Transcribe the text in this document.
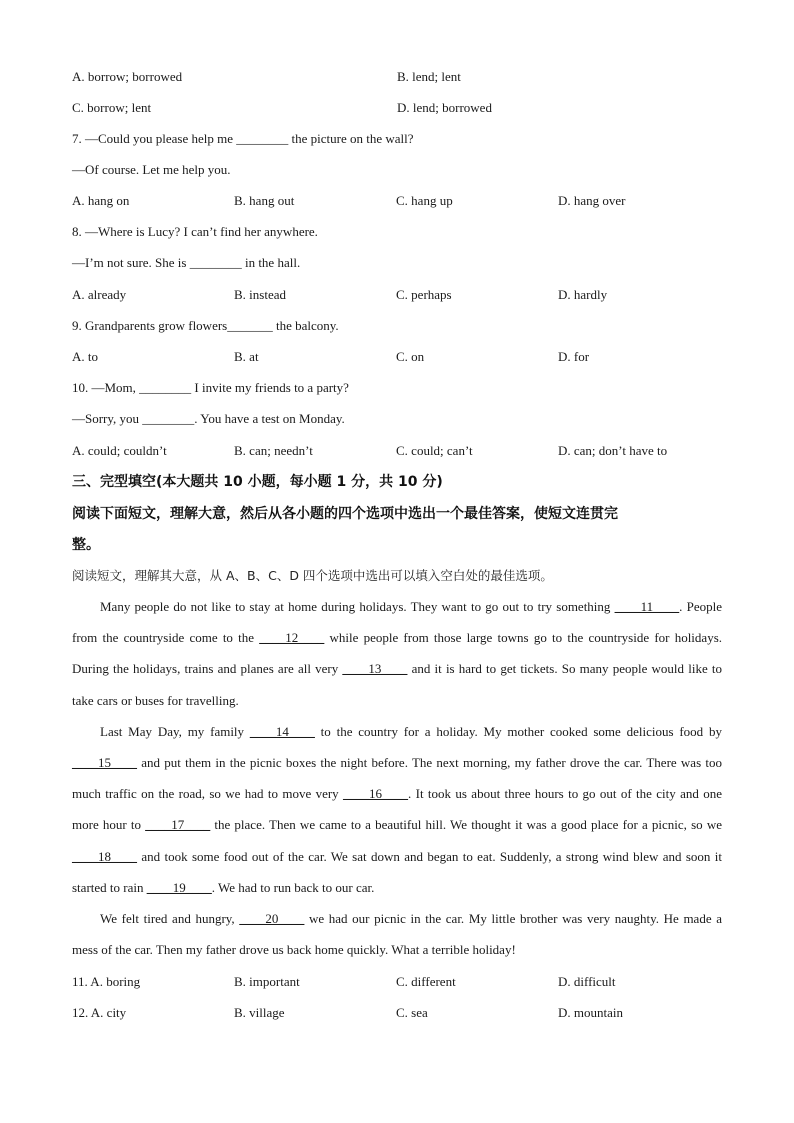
A. borrow; borrowed	B. lend; lent
C. borrow; lent	D. lend; borrowed
7. —Could you please help me ________ the picture on the wall?
—Of course. Let me help you.
A. hang on	B. hang out	C. hang up	D. hang over
8. —Where is Lucy? I can’t find her anywhere.
—I’m not sure. She is ________ in the hall.
A. already	B. instead	C. perhaps	D. hardly
9. Grandparents grow flowers_______ the balcony.
A. to	B. at	C. on	D. for
10. —Mom, ________ I invite my friends to a party?
—Sorry, you ________. You have a test on Monday.
A. could; couldn’t	B. can; needn’t	C. could; can’t	D. can; don’t have to
三、完型填空(本大题共 10 小题，每小题 1 分，共 10 分)
阅读下面短文，理解大意，然后从各小题的四个选项中选出一个最佳答案，使短文连贯完
整。
阅读短文，理解其大意，从 A、B、C、D 四个选项中选出可以填入空白处的最佳选项。

Many people do not like to stay at home during holidays. They want to go out to try something ____11____. People from the countryside come to the ____12____ while people from those large towns go to the countryside for holidays. During the holidays, trains and planes are all very ____13____ and it is hard to get tickets. So many people would like to take cars or buses for travelling.

Last May Day, my family ____14____ to the country for a holiday. My mother cooked some delicious food by ____15____ and put them in the picnic boxes the night before. The next morning, my father drove the car. There was too much traffic on the road, so we had to move very ____16____. It took us about three hours to go out of the city and one more hour to ____17____ the place. Then we came to a beautiful hill. We thought it was a good place for a picnic, so we ____18____ and took some food out of the car. We sat down and began to eat. Suddenly, a strong wind blew and soon it started to rain ____19____. We had to run back to our car.

We felt tired and hungry, ____20____ we had our picnic in the car. My little brother was very naughty. He made a mess of the car. Then my father drove us back home quickly. What a terrible holiday!

11. A. boring	B. important	C. different	D. difficult
12. A. city	B. village	C. sea	D. mountain
